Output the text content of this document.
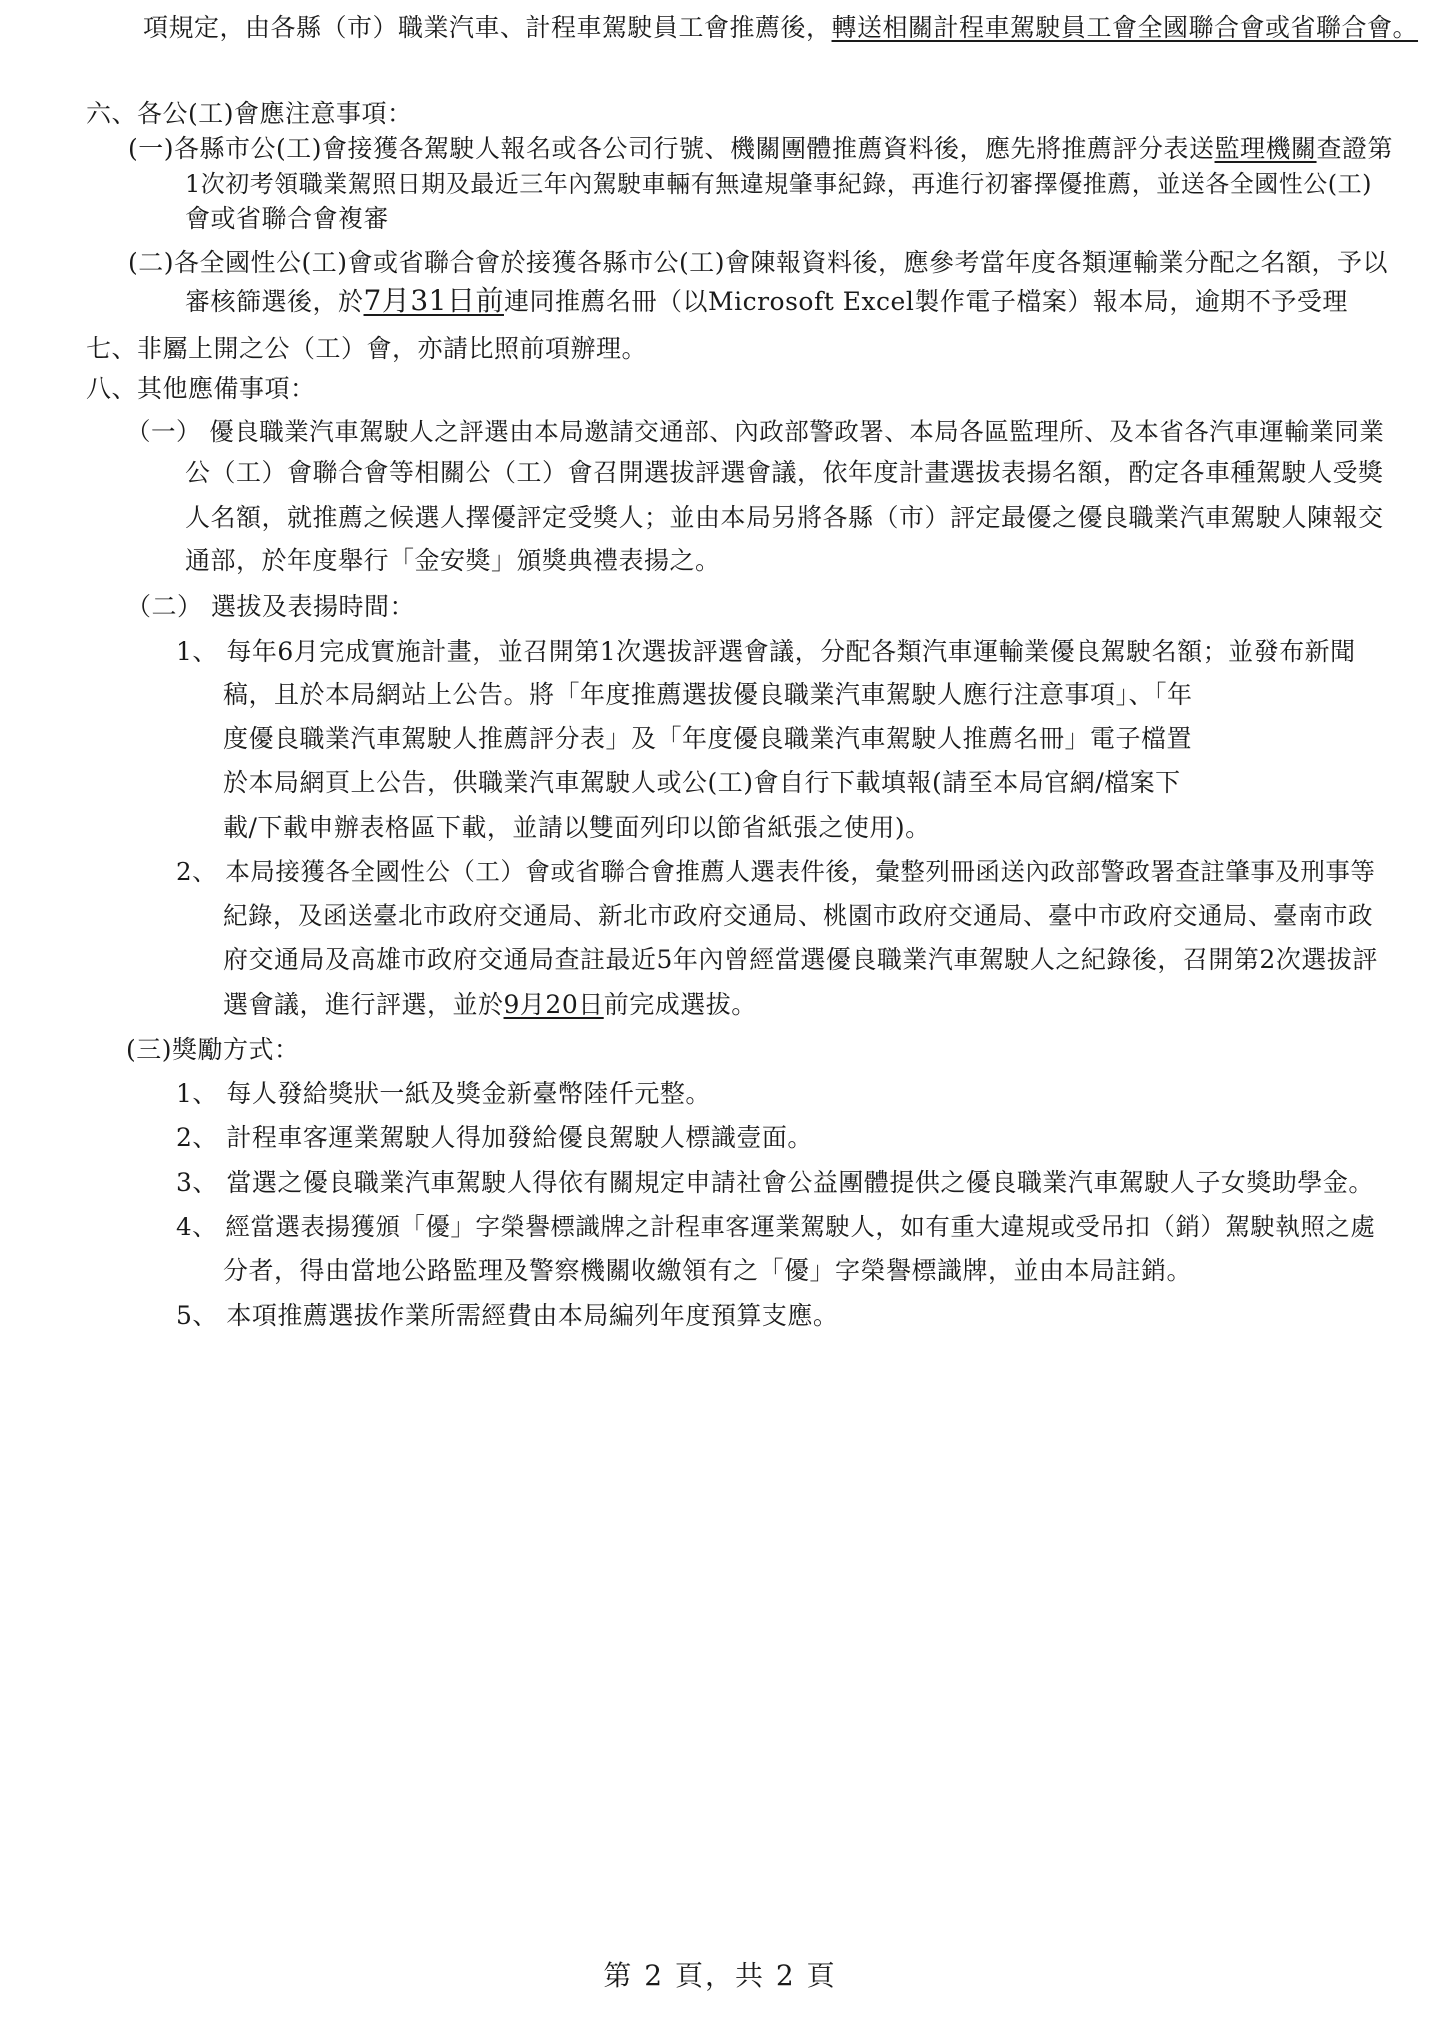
項規定，由各縣（市）職業汽車、計程車駕駛員工會推薦後，轉送相關計程車駕駛員工會全國聯合會或省聯合會。
六、各公(工)會應注意事項：
(一)各縣市公(工)會接獲各駕駛人報名或各公司行號、機關團體推薦資料後，應先將推薦評分表送監理機關查證第
1次初考領職業駕照日期及最近三年內駕駛車輛有無違規肇事紀錄，再進行初審擇優推薦，並送各全國性公(工)
會或省聯合會複審
(二)各全國性公(工)會或省聯合會於接獲各縣市公(工)會陳報資料後，應參考當年度各類運輸業分配之名額，予以
審核篩選後，於7月31日前連同推薦名冊（以Microsoft Excel製作電子檔案）報本局，逾期不予受理
七、非屬上開之公（工）會，亦請比照前項辦理。
八、其他應備事項：
（一） 優良職業汽車駕駛人之評選由本局邀請交通部、內政部警政署、本局各區監理所、及本省各汽車運輸業同業
公（工）會聯合會等相關公（工）會召開選拔評選會議，依年度計畫選拔表揚名額，酌定各車種駕駛人受獎
人名額，就推薦之候選人擇優評定受獎人；並由本局另將各縣（市）評定最優之優良職業汽車駕駛人陳報交
通部，於年度舉行「金安獎」頒獎典禮表揚之。
（二） 選拔及表揚時間：
1、 每年6月完成實施計畫，並召開第1次選拔評選會議，分配各類汽車運輸業優良駕駛名額；並發布新聞
稿，且於本局網站上公告。將「年度推薦選拔優良職業汽車駕駛人應行注意事項」、「年
度優良職業汽車駕駛人推薦評分表」及「年度優良職業汽車駕駛人推薦名冊」電子檔置
於本局網頁上公告，供職業汽車駕駛人或公(工)會自行下載填報(請至本局官網/檔案下
載/下載申辦表格區下載，並請以雙面列印以節省紙張之使用)。
2、 本局接獲各全國性公（工）會或省聯合會推薦人選表件後，彙整列冊函送內政部警政署查註肇事及刑事等
紀錄，及函送臺北市政府交通局、新北市政府交通局、桃園市政府交通局、臺中市政府交通局、臺南市政
府交通局及高雄市政府交通局查註最近5年內曾經當選優良職業汽車駕駛人之紀錄後，召開第2次選拔評
選會議，進行評選，並於9月20日前完成選拔。
(三)獎勵方式：
1、 每人發給獎狀一紙及獎金新臺幣陸仟元整。
2、 計程車客運業駕駛人得加發給優良駕駛人標識壹面。
3、 當選之優良職業汽車駕駛人得依有關規定申請社會公益團體提供之優良職業汽車駕駛人子女獎助學金。
4、 經當選表揚獲頒「優」字榮譽標識牌之計程車客運業駕駛人，如有重大違規或受吊扣（銷）駕駛執照之處
分者，得由當地公路監理及警察機關收繳領有之「優」字榮譽標識牌，並由本局註銷。
5、 本項推薦選拔作業所需經費由本局編列年度預算支應。
第 2 頁，共 2 頁
